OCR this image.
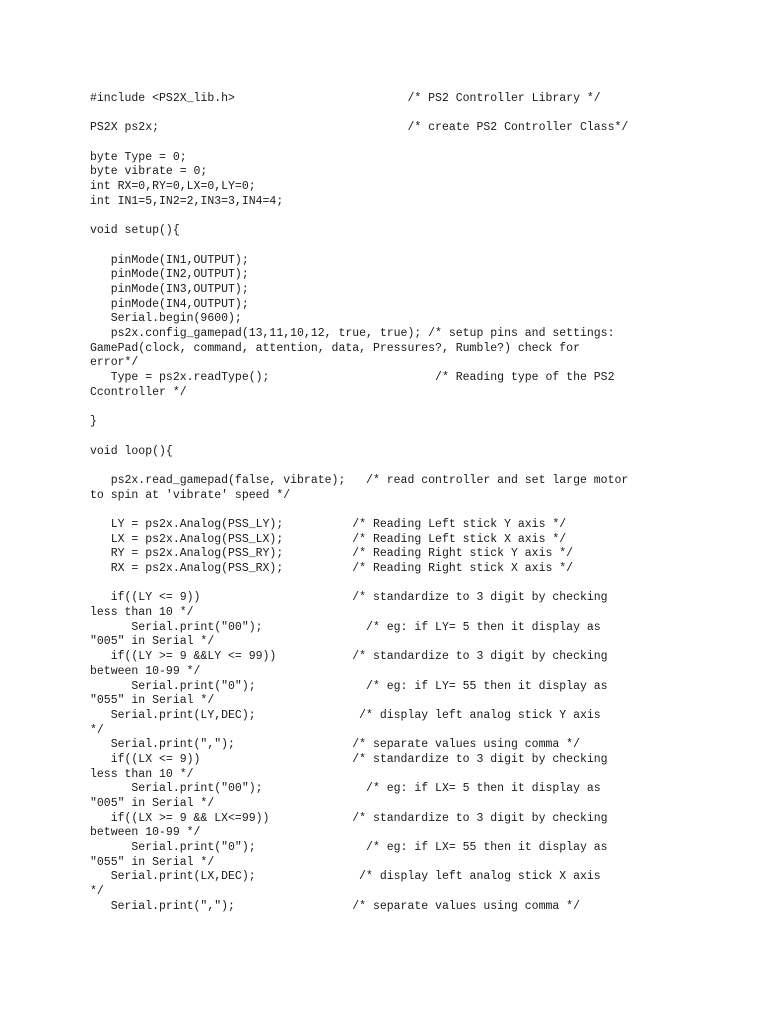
#include <PS2X_lib.h>                         /* PS2 Controller Library */
PS2X ps2x;                                    /* create PS2 Controller Class*/
byte Type = 0;
byte vibrate = 0;
int RX=0,RY=0,LX=0,LY=0;
int IN1=5,IN2=2,IN3=3,IN4=4;
void setup(){
pinMode(IN1,OUTPUT);
pinMode(IN2,OUTPUT);
pinMode(IN3,OUTPUT);
pinMode(IN4,OUTPUT);
Serial.begin(9600);
ps2x.config_gamepad(13,11,10,12, true, true); /* setup pins and settings:
GamePad(clock, command, attention, data, Pressures?, Rumble?) check for
error*/
Type = ps2x.readType();                        /* Reading type of the PS2
Ccontroller */
}
void loop(){
ps2x.read_gamepad(false, vibrate);   /* read controller and set large motor
to spin at 'vibrate' speed */
LY = ps2x.Analog(PSS_LY);          /* Reading Left stick Y axis */
LX = ps2x.Analog(PSS_LX);          /* Reading Left stick X axis */
RY = ps2x.Analog(PSS_RY);          /* Reading Right stick Y axis */
RX = ps2x.Analog(PSS_RX);          /* Reading Right stick X axis */
if((LY <= 9))                      /* standardize to 3 digit by checking
less than 10 */
Serial.print("00");               /* eg: if LY= 5 then it display as
"005" in Serial */
if((LY >= 9 &&LY <= 99))           /* standardize to 3 digit by checking
between 10-99 */
Serial.print("0");                /* eg: if LY= 55 then it display as
"055" in Serial */
Serial.print(LY,DEC);               /* display left analog stick Y axis
*/
Serial.print(",");                 /* separate values using comma */
if((LX <= 9))                      /* standardize to 3 digit by checking
less than 10 */
Serial.print("00");               /* eg: if LX= 5 then it display as
"005" in Serial */
if((LX >= 9 && LX<=99))            /* standardize to 3 digit by checking
between 10-99 */
Serial.print("0");                /* eg: if LX= 55 then it display as
"055" in Serial */
Serial.print(LX,DEC);               /* display left analog stick X axis
*/
Serial.print(",");                 /* separate values using comma */
